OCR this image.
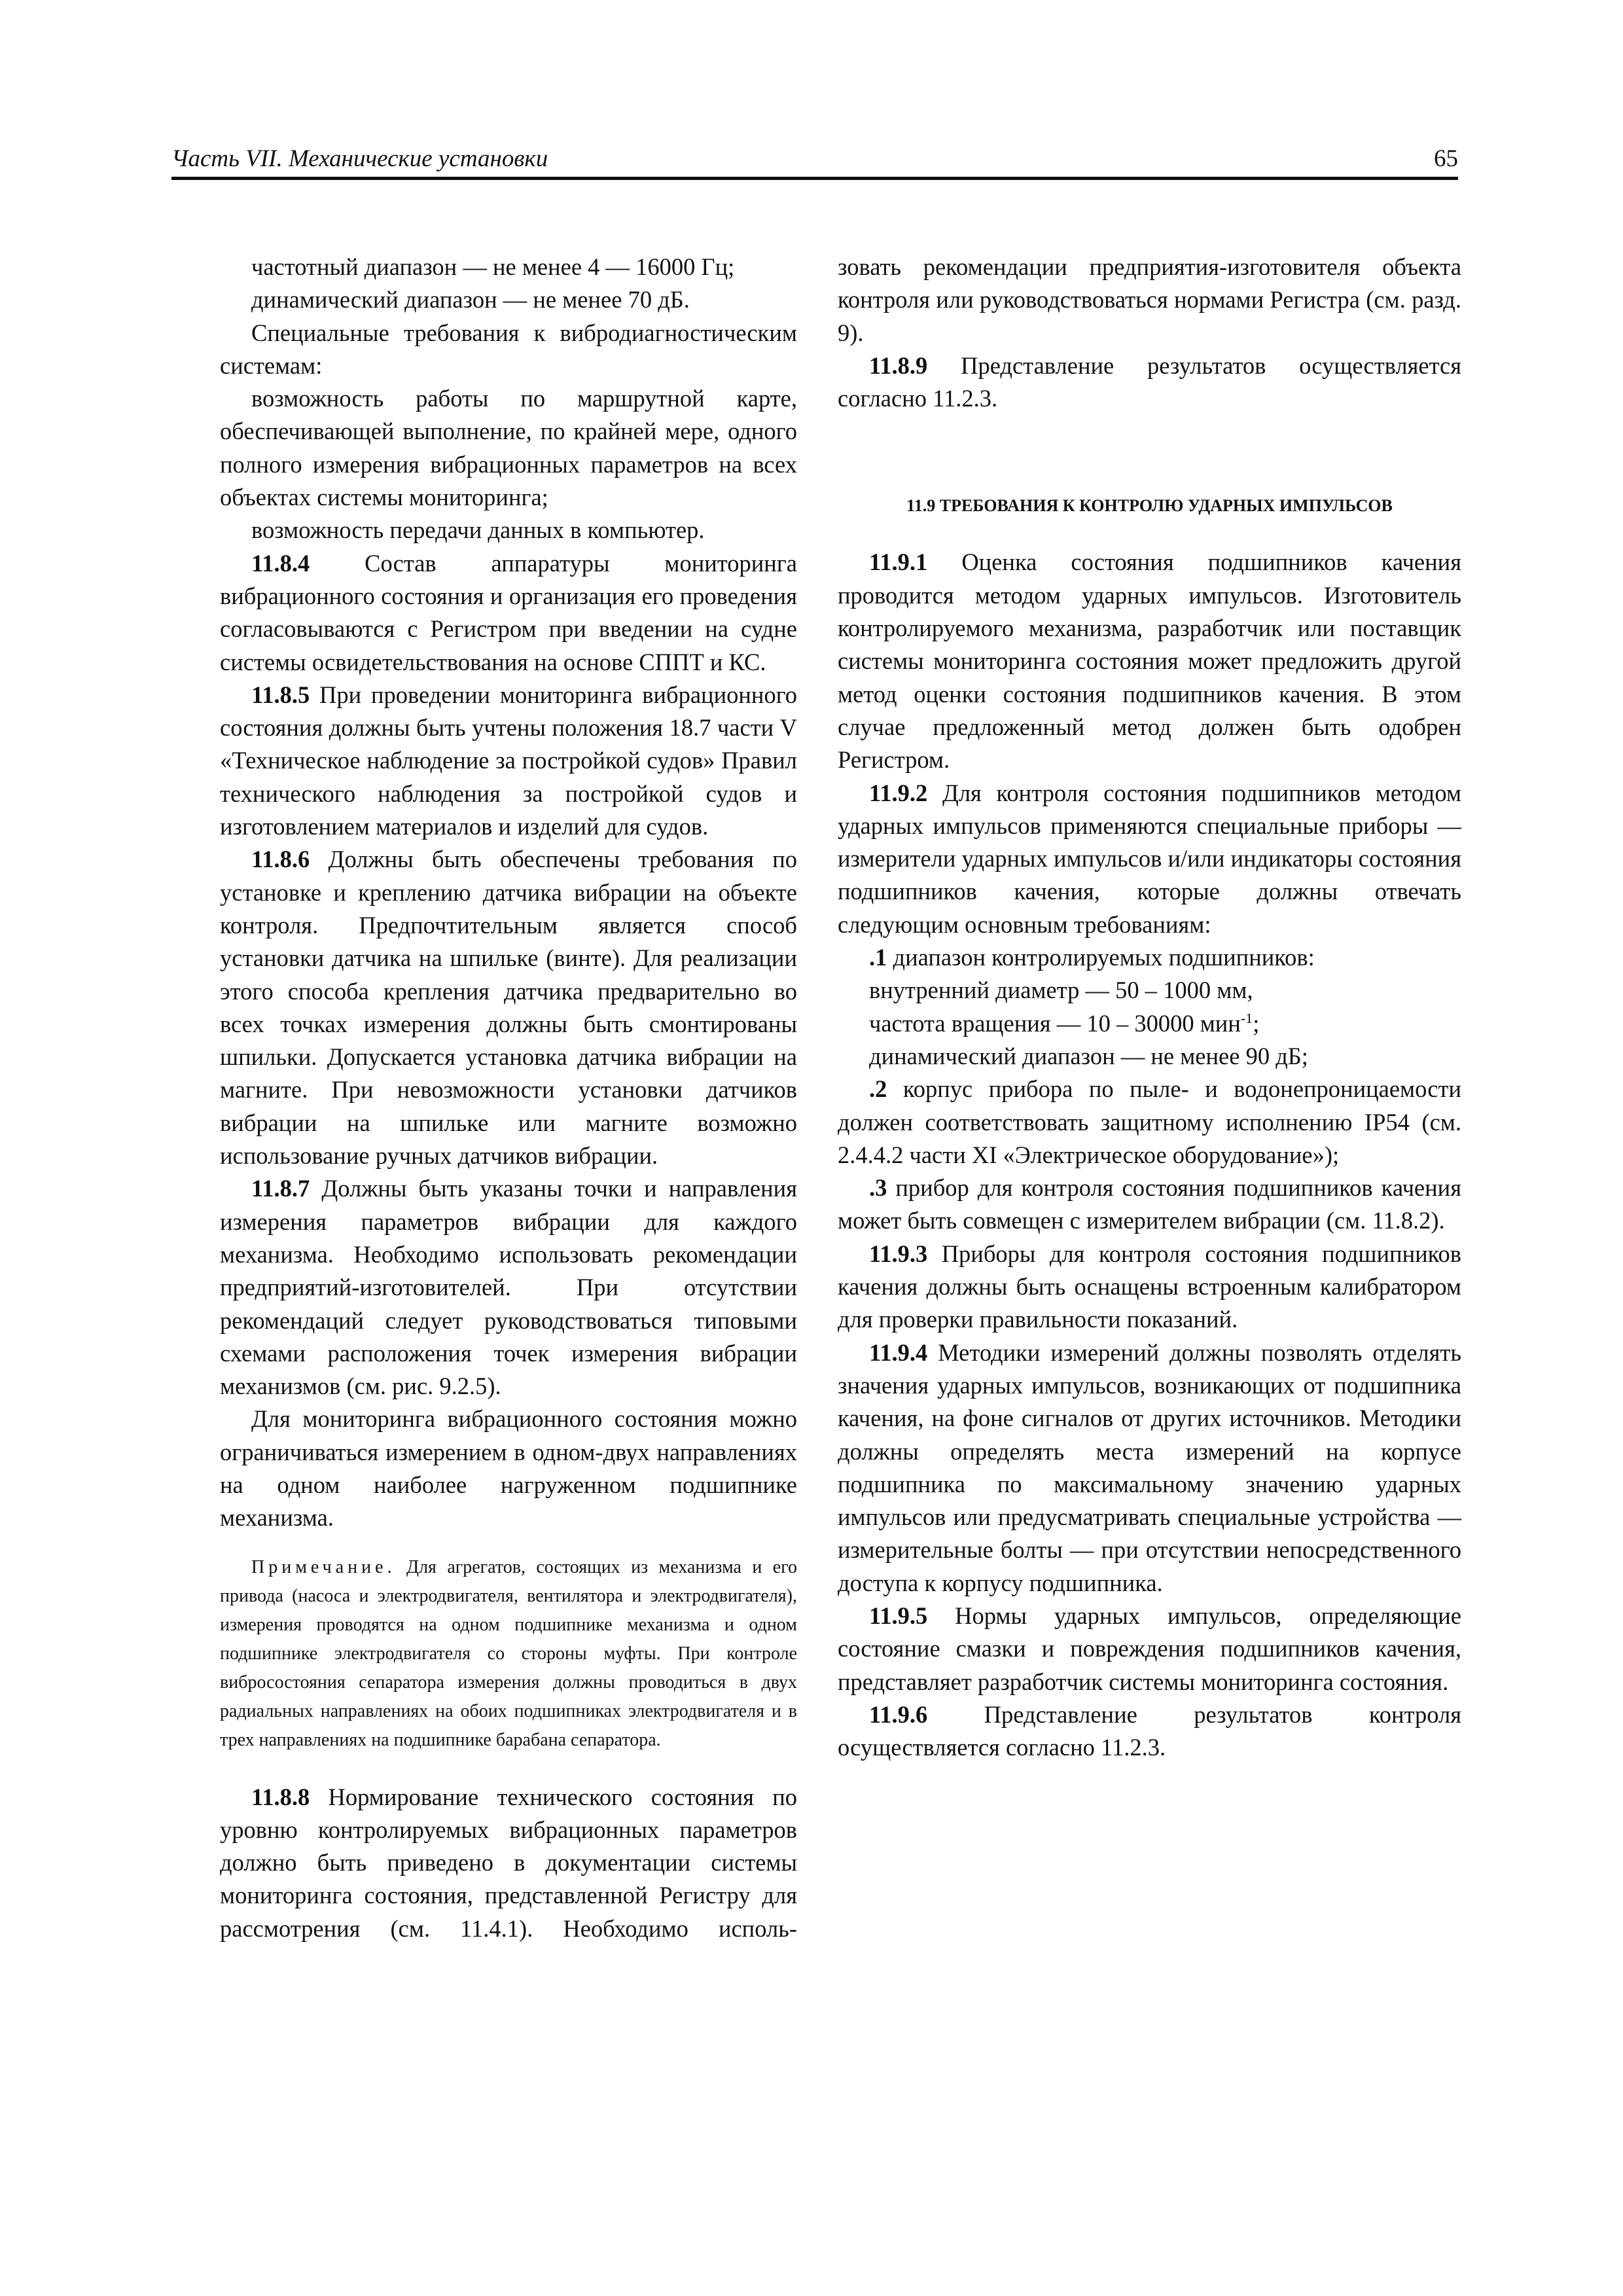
Часть VII. Механические установки	65

частотный диапазон — не менее 4 — 16000 Гц;

динамический диапазон — не менее 70 дБ.

Специальные требования к вибродиагностическим системам:

возможность работы по маршрутной карте, обеспечивающей выполнение, по крайней мере, одного полного измерения вибрационных параметров на всех объектах системы мониторинга;

возможность передачи данных в компьютер.

11.8.4 Состав аппаратуры мониторинга вибрационного состояния и организация его проведения согласовываются с Регистром при введении на судне системы освидетельствования на основе СППТ и КС.

11.8.5 При проведении мониторинга вибрационного состояния должны быть учтены положения 18.7 части V «Техническое наблюдение за постройкой судов» Правил технического наблюдения за постройкой судов и изготовлением материалов и изделий для судов.

11.8.6 Должны быть обеспечены требования по установке и креплению датчика вибрации на объекте контроля. Предпочтительным является способ установки датчика на шпильке (винте). Для реализации этого способа крепления датчика предварительно во всех точках измерения должны быть смонтированы шпильки. Допускается установка датчика вибрации на магните. При невозможности установки датчиков вибрации на шпильке или магните возможно использование ручных датчиков вибрации.

11.8.7 Должны быть указаны точки и направления измерения параметров вибрации для каждого механизма. Необходимо использовать рекомендации предприятий-изготовителей. При отсутствии рекомендаций следует руководствоваться типовыми схемами расположения точек измерения вибрации механизмов (см. рис. 9.2.5).

Для мониторинга вибрационного состояния можно ограничиваться измерением в одном-двух направлениях на одном наиболее нагруженном подшипнике механизма.

Примечание. Для агрегатов, состоящих из механизма и его привода (насоса и электродвигателя, вентилятора и электродвигателя), измерения проводятся на одном подшипнике механизма и одном подшипнике электродвигателя со стороны муфты. При контроле вибросостояния сепаратора измерения должны проводиться в двух радиальных направлениях на обоих подшипниках электродвигателя и в трех направлениях на подшипнике барабана сепаратора.

11.8.8 Нормирование технического состояния по уровню контролируемых вибрационных параметров должно быть приведено в документации системы мониторинга состояния, представленной Регистру для рассмотрения (см. 11.4.1). Необходимо исполь-

зовать рекомендации предприятия-изготовителя объекта контроля или руководствоваться нормами Регистра (см. разд. 9).

11.8.9 Представление результатов осуществляется согласно 11.2.3.

11.9 ТРЕБОВАНИЯ К КОНТРОЛЮ УДАРНЫХ ИМПУЛЬСОВ

11.9.1 Оценка состояния подшипников качения проводится методом ударных импульсов. Изготовитель контролируемого механизма, разработчик или поставщик системы мониторинга состояния может предложить другой метод оценки состояния подшипников качения. В этом случае предложенный метод должен быть одобрен Регистром.

11.9.2 Для контроля состояния подшипников методом ударных импульсов применяются специальные приборы — измерители ударных импульсов и/или индикаторы состояния подшипников качения, которые должны отвечать следующим основным требованиям:

.1 диапазон контролируемых подшипников:

внутренний диаметр — 50 – 1000 мм,

частота вращения — 10 – 30000 мин$^{-1}$;

динамический диапазон — не менее 90 дБ;

.2 корпус прибора по пыле- и водонепроницаемости должен соответствовать защитному исполнению IP54 (см. 2.4.4.2 части XI «Электрическое оборудование»);

.3 прибор для контроля состояния подшипников качения может быть совмещен с измерителем вибрации (см. 11.8.2).

11.9.3 Приборы для контроля состояния подшипников качения должны быть оснащены встроенным калибратором для проверки правильности показаний.

11.9.4 Методики измерений должны позволять отделять значения ударных импульсов, возникающих от подшипника качения, на фоне сигналов от других источников. Методики должны определять места измерений на корпусе подшипника по максимальному значению ударных импульсов или предусматривать специальные устройства — измерительные болты — при отсутствии непосредственного доступа к корпусу подшипника.

11.9.5 Нормы ударных импульсов, определяющие состояние смазки и повреждения подшипников качения, представляет разработчик системы мониторинга состояния.

11.9.6 Представление результатов контроля осуществляется согласно 11.2.3.
